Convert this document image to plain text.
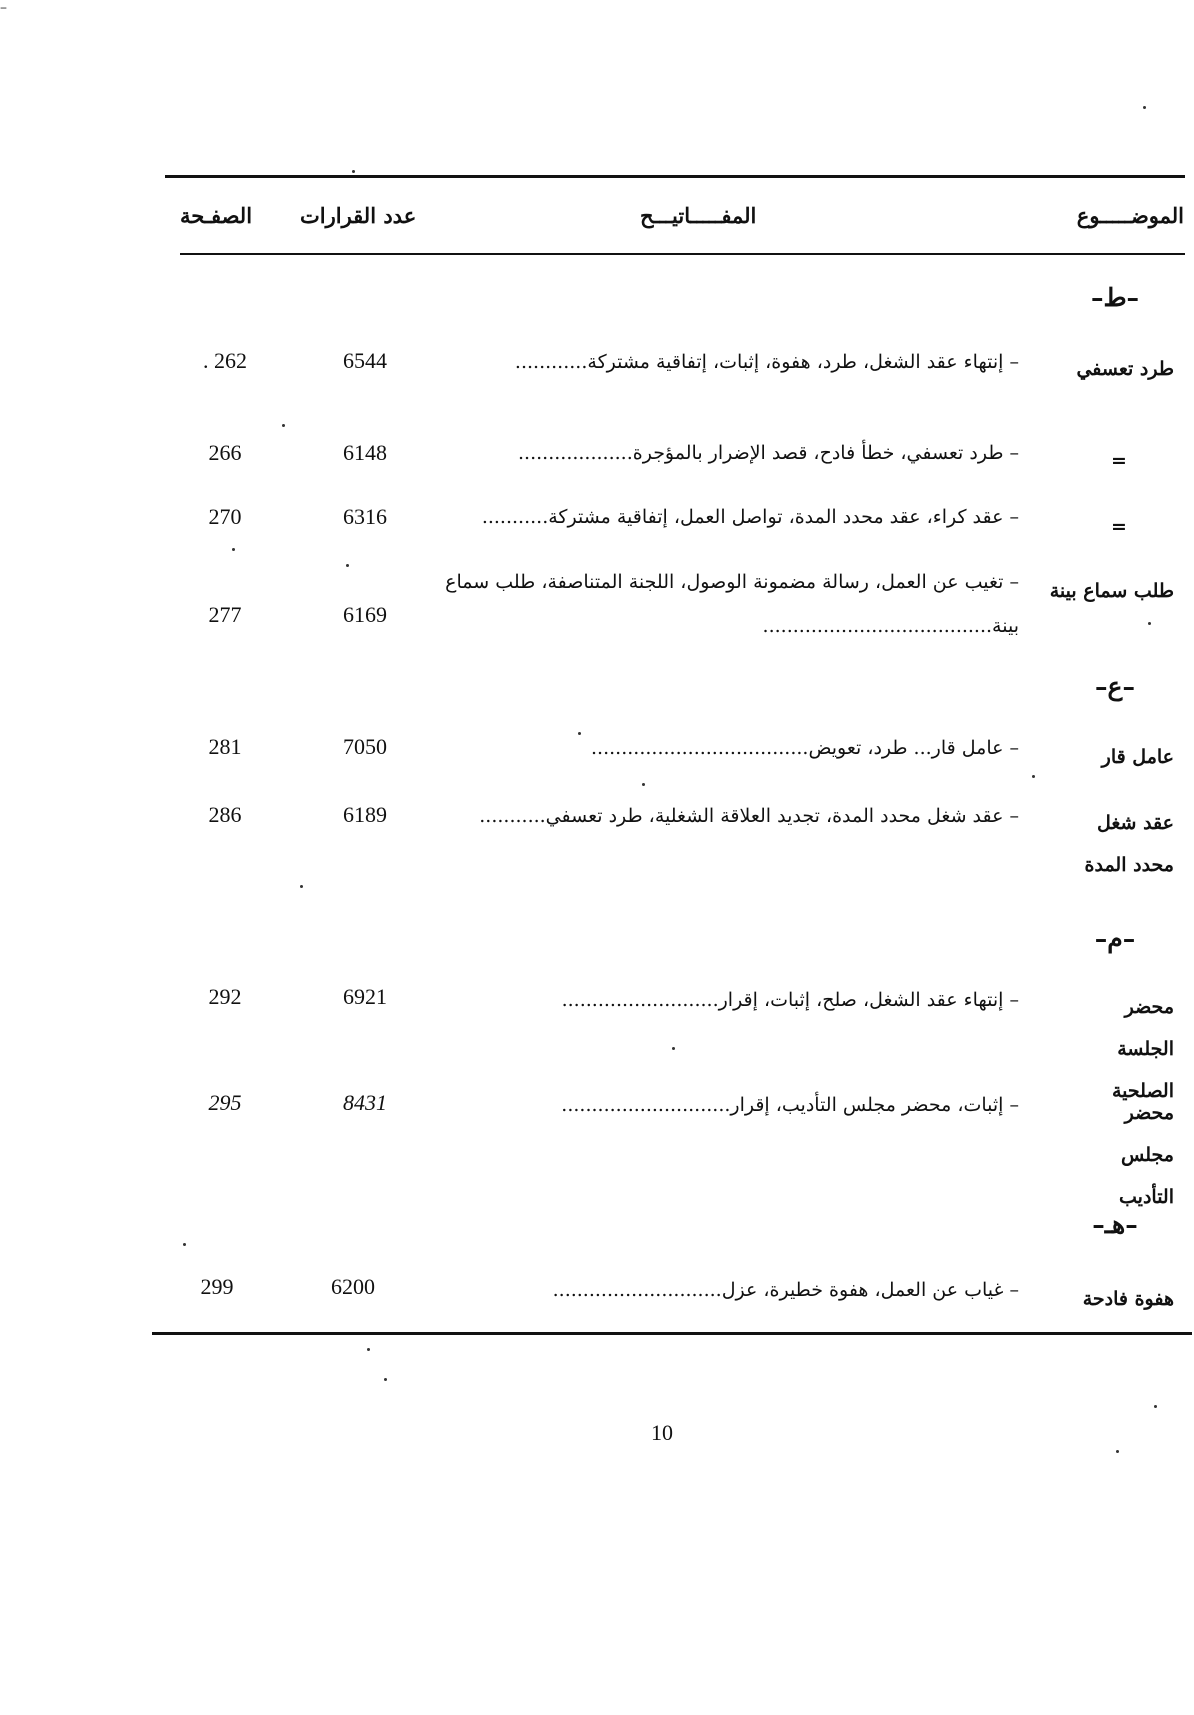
الموضـــــوع
المفـــــاتيـــح
عدد القرارات
الصفـحة
–ط–
طرد تعسفي
– إنتهاء عقد الشغل، طرد، هفوة، إثبات، إتفاقية مشتركة............
6544
. 262
=
– طرد تعسفي، خطأ فادح، قصد الإضرار بالمؤجرة...................
6148
266
=
– عقد كراء، عقد محدد المدة، تواصل العمل، إتفاقية مشتركة...........
6316
270
طلب سماع بينة
– تغيب عن العمل، رسالة مضمونة الوصول، اللجنة المتناصفة، طلب سماع بينة......................................
6169
277
–ع–
عامل قار
– عامل قار... طرد، تعويض....................................
7050
281
عقد شغل محدد المدة
– عقد شغل محدد المدة، تجديد العلاقة الشغلية، طرد تعسفي...........
6189
286
–م–
محضر الجلسة الصلحية
– إنتهاء عقد الشغل، صلح، إثبات، إقرار..........................
6921
292
محضر مجلس التأديب
– إثبات، محضر مجلس التأديب، إقرار............................
8431
295
–هـ–
هفوة فادحة
– غياب عن العمل، هفوة خطيرة، عزل............................
6200
299
10
–
